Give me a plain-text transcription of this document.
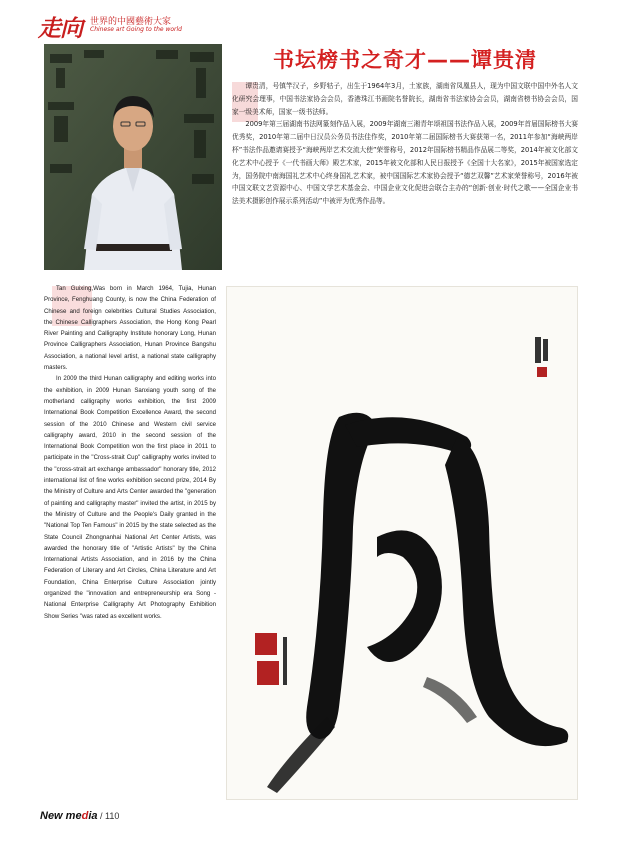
走向 世界的中國藝術大家
Chinese art Going to the world
书坛榜书之奇才——谭贵清

谭贵清，号镇竿汉子，乡野牯子，出生于1964年3月，土家族，湖南省凤凰县人，现为中国文联中国中外名人文化研究会理事，中国书法家协会会员，香港珠江书画院名誉院长，湖南省书法家协会会员，湖南省榜书协会会员，国家一级美术师，国家一级书法师。

2009年第三届湖南书法网篆刻作品入展，2009年湖南三湘青年颂祖国书法作品入展，2009年首届国际榜书大赛优秀奖，2010年第二届中日汉员公务员书法佳作奖，2010年第二届国际榜书大赛获第一名，2011年参加“海峡两岸杯”书法作品邀请赛授予“海峡两岸艺术交流大使”荣誉称号，2012年国际榜书精品作品展二等奖，2014年被文化部文化艺术中心授予《一代书画大师》殿艺术家，2015年被文化部和人民日报授予《全国十大名家》，2015年被国家选定为，国务院中南海国礼艺术中心终身国礼艺术家，被中国国际艺术家协会授予“德艺双馨”艺术家荣誉称号，2016年被中国文联文艺资源中心、中国文学艺术基金会、中国企业文化促进会联合主办的“创新·创业·时代之歌——全国企业书法美术摄影创作展示系列活动”中被评为优秀作品等。

Tan Guixing,Was born in March 1964, Tujia, Hunan Province, Fenghuang County, is now the China Federation of Chinese and foreign celebrities Cultural Studies Association, the Chinese Calligraphers Association, the Hong Kong Pearl River Painting and Calligraphy Institute honorary Long, Hunan Province Calligraphers Association, Hunan Province Bangshu Association, a national level artist, a national state calligraphy masters.

In 2009 the third Hunan calligraphy and editing works into the exhibition, in 2009 Hunan Sanxiang youth song of the motherland calligraphy works exhibition, the first 2009 International Book Competition Excellence Award, the second session of the 2010 Chinese and Western civil service calligraphy award, 2010 in the second session of the International Book Competition won the first place in 2011 to participate in the "Cross-strait Cup" calligraphy works invited to the "cross-strait art exchange ambassador" honorary title, 2012 international list of fine works exhibition second prize, 2014 By the Ministry of Culture and Arts Center awarded the "generation of painting and calligraphy master" invited the artist, in 2015 by the Ministry of Culture and the People's Daily granted in the "National Top Ten Famous" in 2015 by the state selected as the State Council Zhongnanhai National Art Center Artists, was awarded the honorary title of "Artistic Artists" by the China International Artists Association, and in 2016 by the China Federation of Literary and Art Circles, China Literature and Art Foundation, China Enterprise Culture Association jointly organized the "innovation and entrepreneurship era Song - National Enterprise Calligraphy Art Photography Exhibition Show Series "was rated as excellent works.

New media / 110
